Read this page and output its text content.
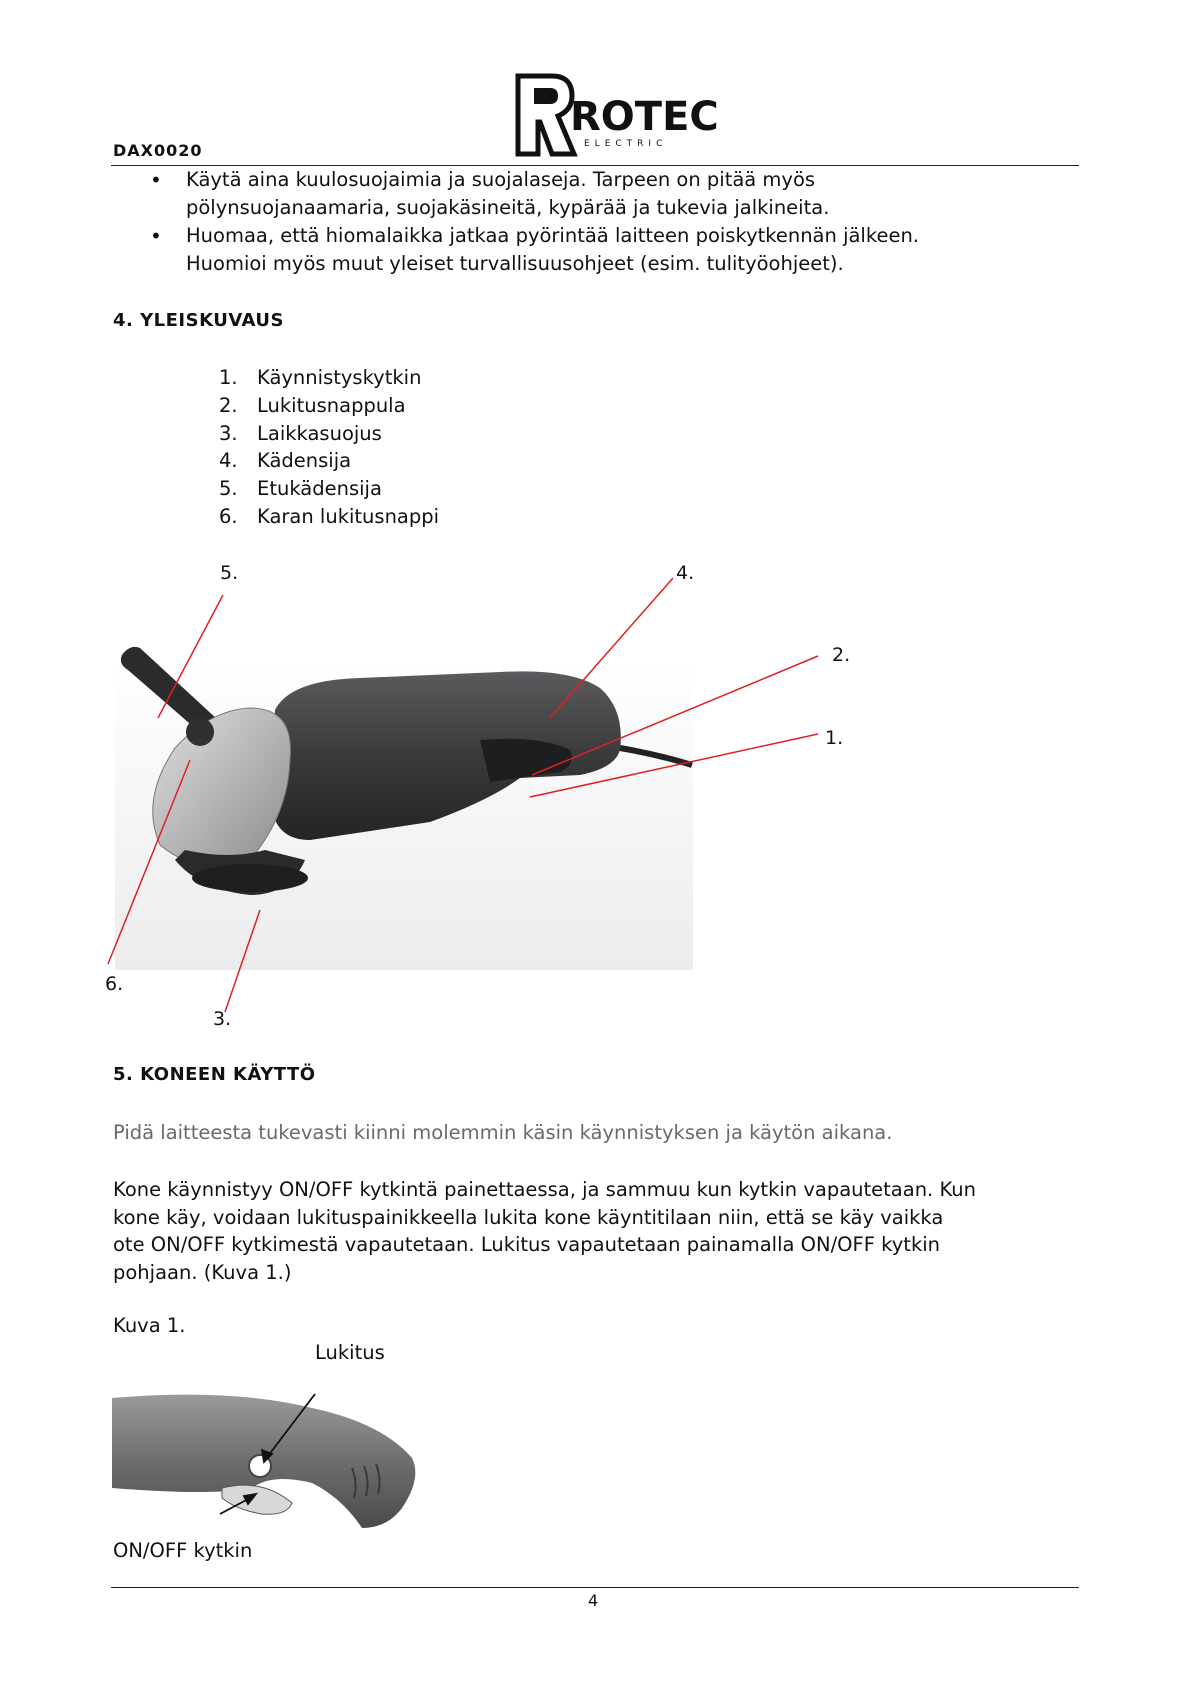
DAX0020
ROTEC
ELECTRIC
• Käytä aina kuulosuojaimia ja suojalaseja. Tarpeen on pitää myös
pölynsuojanaamaria, suojakäsineitä, kypärää ja tukevia jalkineita.
• Huomaa, että hiomalaikka jatkaa pyörintää laitteen poiskytkennän jälkeen.
Huomioi myös muut yleiset turvallisuusohjeet (esim. tulityöohjeet).
4. YLEISKUVAUS
1. Käynnistyskytkin
2. Lukitusnappula
3. Laikkasuojus
4. Kädensija
5. Etukädensija
6. Karan lukitusnappi
5.	4.
2.
1.
6.
3.
5. KONEEN KÄYTTÖ

Pidä laitteesta tukevasti kiinni molemmin käsin käynnistyksen ja käytön aikana.

Kone käynnistyy ON/OFF kytkintä painettaessa, ja sammuu kun kytkin vapautetaan. Kun
kone käy, voidaan lukituspainikkeella lukita kone käyntitilaan niin, että se käy vaikka
ote ON/OFF kytkimestä vapautetaan. Lukitus vapautetaan painamalla ON/OFF kytkin
pohjaan. (Kuva 1.)

Kuva 1.
Lukitus
ON/OFF kytkin
4
